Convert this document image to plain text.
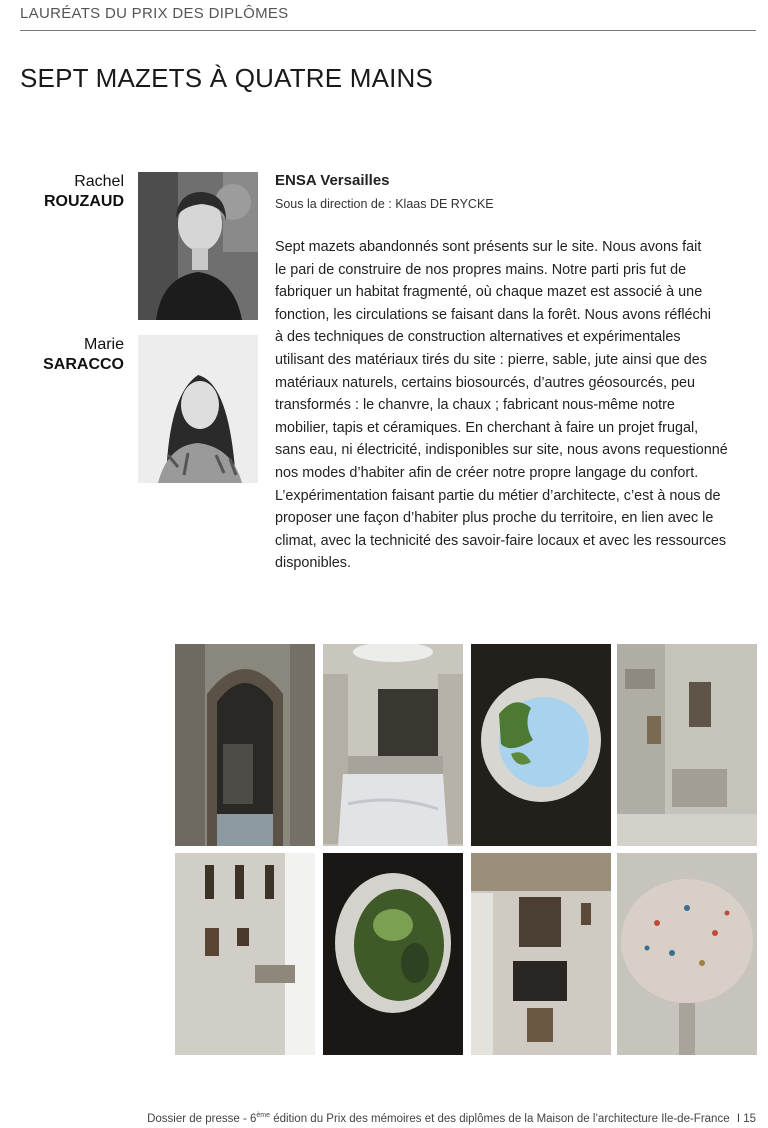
LAURÉATS DU PRIX DES DIPLÔMES
SEPT MAZETS À QUATRE MAINS
Rachel
ROUZAUD
Marie
SARACCO
ENSA Versailles
Sous la direction de : Klaas DE RYCKE

Sept mazets abandonnés sont présents sur le site. Nous avons fait
le pari de construire de nos propres mains. Notre parti pris fut de
fabriquer un habitat fragmenté, où chaque mazet est associé à une
fonction, les circulations se faisant dans la forêt. Nous avons réfléchi
à des techniques de construction alternatives et expérimentales
utilisant des matériaux tirés du site : pierre, sable, jute ainsi que des
matériaux naturels, certains biosourcés, d’autres géosourcés, peu
transformés : le chanvre, la chaux ; fabricant nous-même notre
mobilier, tapis et céramiques. En cherchant à faire un projet frugal,
sans eau, ni électricité, indisponibles sur site, nous avons requestionné
nos modes d’habiter afin de créer notre propre langage du confort.
L’expérimentation faisant partie du métier d’architecte, c’est à nous de
proposer une façon d’habiter plus proche du territoire, en lien avec le
climat, avec la technicité des savoir-faire locaux et avec les ressources
disponibles.

Dossier de presse - 6ème édition du Prix des mémoires et des diplômes de la Maison de l’architecture Ile-de-France I 15
